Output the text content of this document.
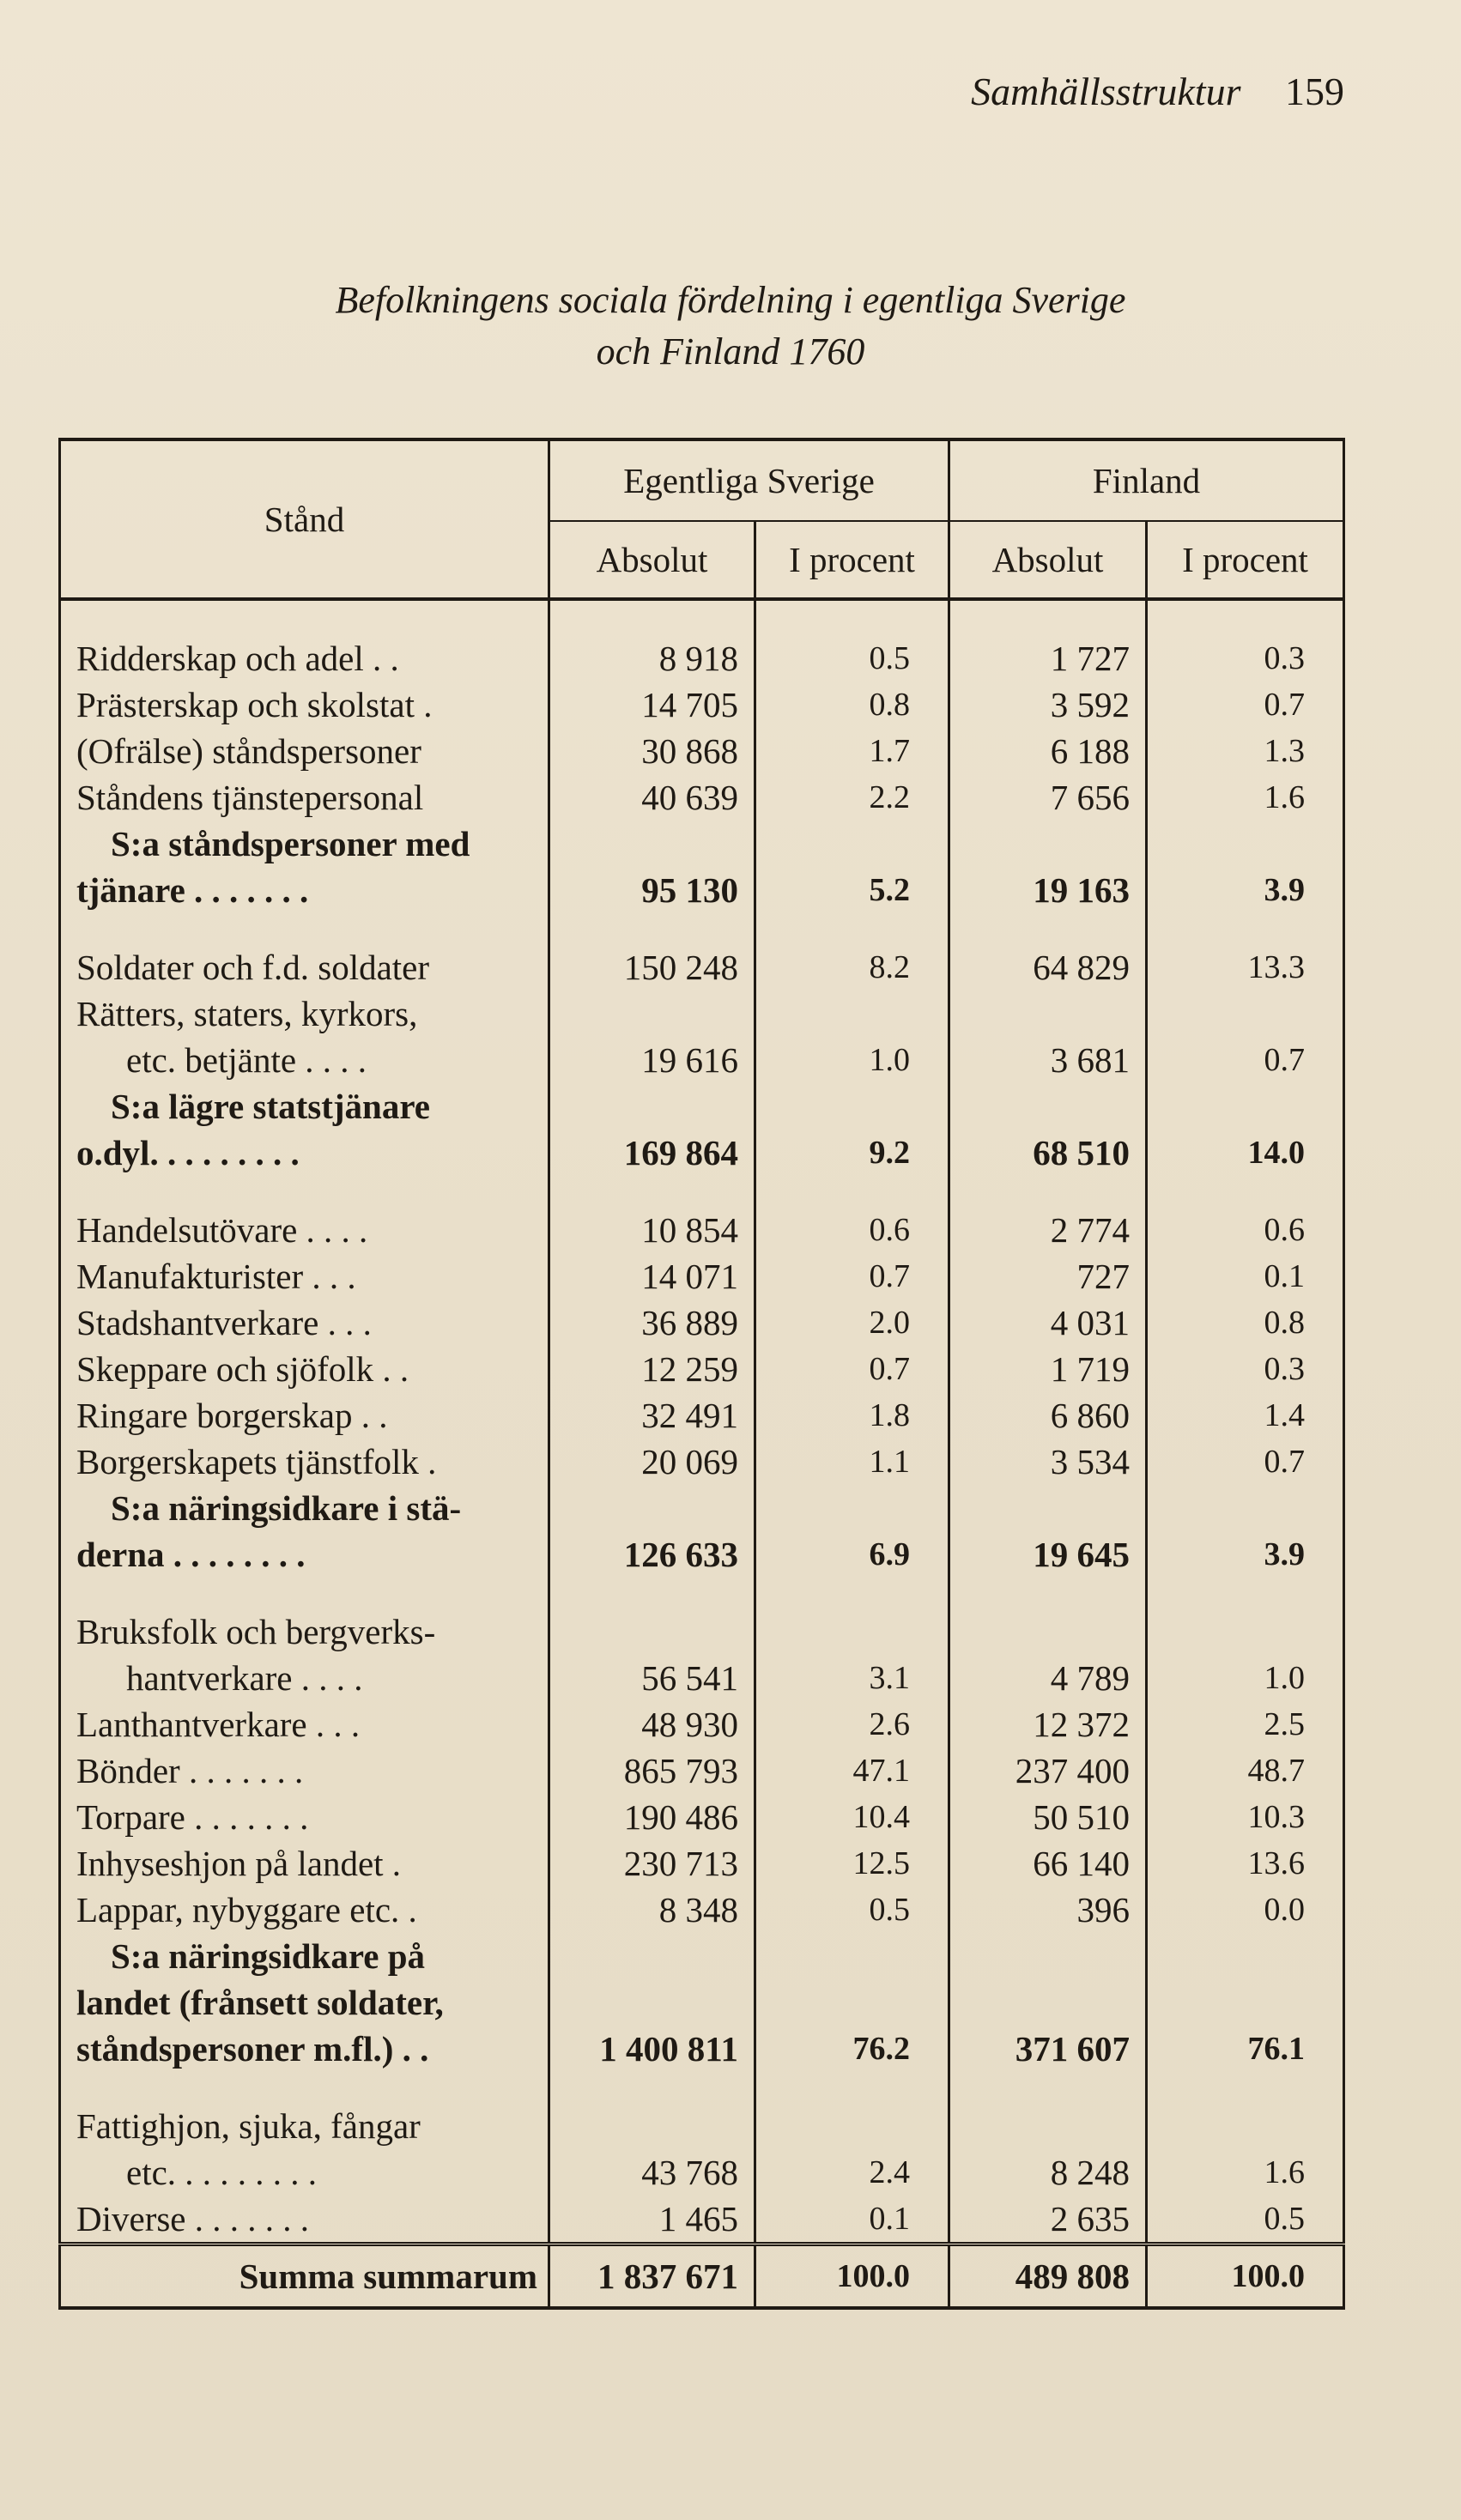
Samhällsstruktur 159
Befolkningens sociala fördelning i egentliga Sverige
och Finland 1760
Stånd	Egentliga Sverige		Finland	
	Absolut	I procent	Absolut	I procent

Ridderskap och adel . .	8 918	0.5	1 727	0.3

Prästerskap och skolstat .	14 705	0.8	3 592	0.7

(Ofrälse) ståndspersoner	30 868	1.7	6 188	1.3

Ståndens tjänstepersonal	40 639	2.2	7 656	1.6

S:a ståndspersoner med
tjänare . . . . . . .	95 130	5.2	19 163	3.9

Soldater och f.d. soldater	150 248	8.2	64 829	13.3

Rätters, staters, kyrkors,
etc. betjänte . . . .	19 616	1.0	3 681	0.7

S:a lägre statstjänare
o.dyl. . . . . . . . .	169 864	9.2	68 510	14.0

Handelsutövare . . . .	10 854	0.6	2 774	0.6

Manufakturister . . .	14 071	0.7	727	0.1

Stadshantverkare . . .	36 889	2.0	4 031	0.8

Skeppare och sjöfolk . .	12 259	0.7	1 719	0.3

Ringare borgerskap . .	32 491	1.8	6 860	1.4

Borgerskapets tjänstfolk .	20 069	1.1	3 534	0.7

S:a näringsidkare i stä-
derna . . . . . . . .	126 633	6.9	19 645	3.9

Bruksfolk och bergverks-
hantverkare . . . .	56 541	3.1	4 789	1.0

Lanthantverkare . . .	48 930	2.6	12 372	2.5

Bönder . . . . . . .	865 793	47.1	237 400	48.7

Torpare . . . . . . .	190 486	10.4	50 510	10.3

Inhyseshjon på landet .	230 713	12.5	66 140	13.6

Lappar, nybyggare etc. .	8 348	0.5	396	0.0

S:a näringsidkare på
landet (frånsett soldater,
ståndspersoner m.fl.) . .	1 400 811	76.2	371 607	76.1

Fattighjon, sjuka, fångar
etc. . . . . . . . .	43 768	2.4	8 248	1.6

Diverse . . . . . . .	1 465	0.1	2 635	0.5
Summa summarum	1 837 671	100.0	489 808	100.0
